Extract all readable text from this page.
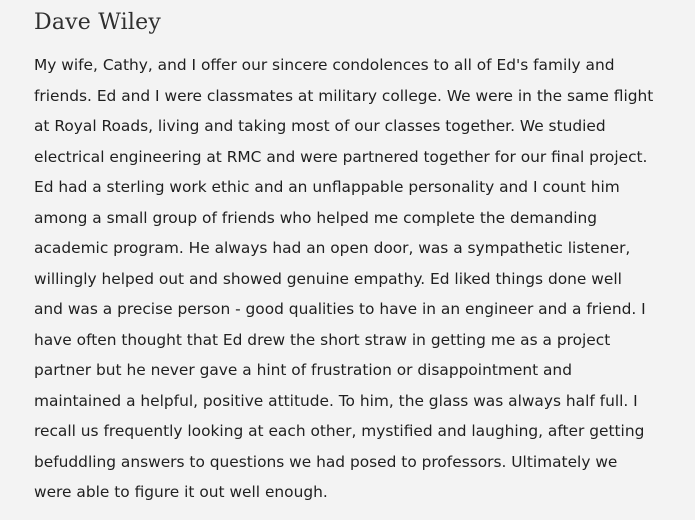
Dave Wiley
My wife, Cathy, and I offer our sincere condolences to all of Ed's family and
friends. Ed and I were classmates at military college. We were in the same flight
at Royal Roads, living and taking most of our classes together. We studied
electrical engineering at RMC and were partnered together for our final project.
Ed had a sterling work ethic and an unflappable personality and I count him
among a small group of friends who helped me complete the demanding
academic program. He always had an open door, was a sympathetic listener,
willingly helped out and showed genuine empathy. Ed liked things done well
and was a precise person - good qualities to have in an engineer and a friend. I
have often thought that Ed drew the short straw in getting me as a project
partner but he never gave a hint of frustration or disappointment and
maintained a helpful, positive attitude. To him, the glass was always half full. I
recall us frequently looking at each other, mystified and laughing, after getting
befuddling answers to questions we had posed to professors. Ultimately we
were able to figure it out well enough.
